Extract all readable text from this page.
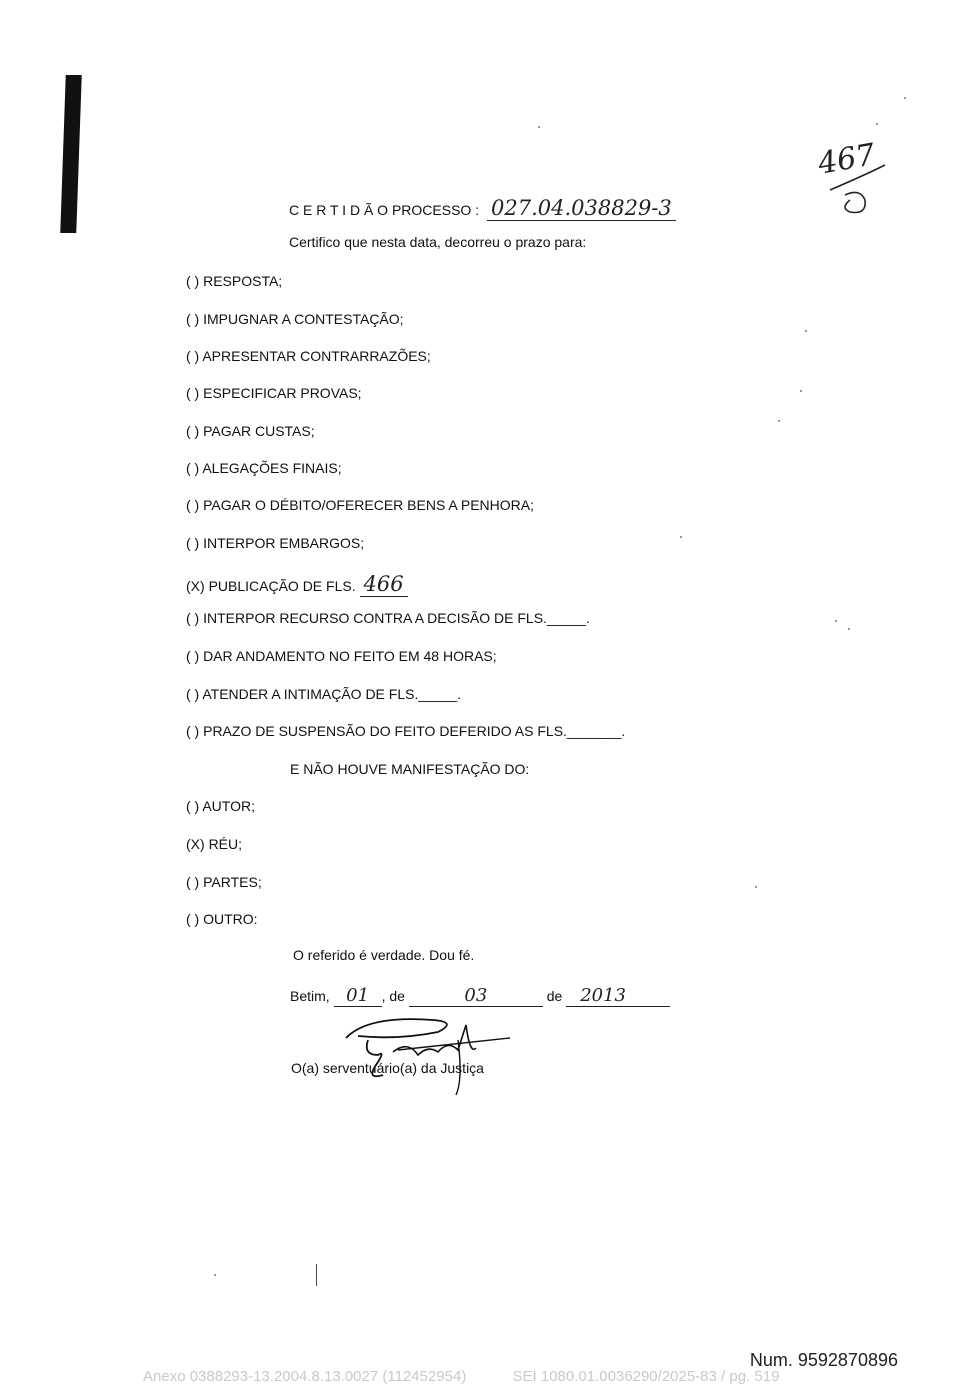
467
C E R T I D Ã O PROCESSO : 027.04.038829-3
Certifico que nesta data, decorreu o prazo para:
( ) RESPOSTA;
( ) IMPUGNAR A CONTESTAÇÃO;
( ) APRESENTAR CONTRARRAZÕES;
( ) ESPECIFICAR PROVAS;
( ) PAGAR CUSTAS;
( ) ALEGAÇÕES FINAIS;
( ) PAGAR O DÉBITO/OFERECER BENS A PENHORA;
( ) INTERPOR EMBARGOS;
(X) PUBLICAÇÃO DE FLS. 466
( ) INTERPOR RECURSO CONTRA A DECISÃO DE FLS._____.
( ) DAR ANDAMENTO NO FEITO EM 48 HORAS;
( ) ATENDER A INTIMAÇÃO DE FLS._____.
( ) PRAZO DE SUSPENSÃO DO FEITO DEFERIDO AS FLS._______.
E NÃO HOUVE MANIFESTAÇÃO DO:
( ) AUTOR;
(X) RÉU;
( ) PARTES;
( ) OUTRO:
O referido é verdade. Dou fé.
Betim, 01 , de	03	de 2013
O(a) serventuário(a) da Justiça
Num. 9592870896
Anexo 0388293-13.2004.8.13.0027 (112452954)	SEI 1080.01.0036290/2025-83 / pg. 519
